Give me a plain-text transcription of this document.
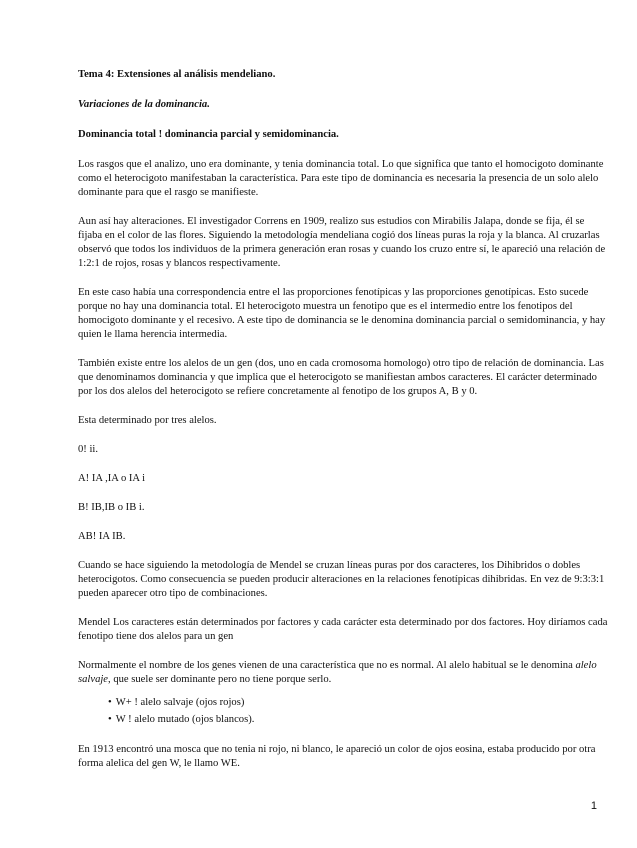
Tema 4: Extensiones al análisis mendeliano.
Variaciones de la dominancia.
Dominancia total ! dominancia parcial y semidominancia.

Los rasgos que el analizo, uno era dominante, y tenia dominancia total. Lo que significa que tanto el homocigoto dominante como el heterocigoto manifestaban la característica. Para este tipo de dominancia es necesaria la presencia de un solo alelo dominante para que el rasgo se manifieste.

Aun así hay alteraciones. El investigador Correns en 1909, realizo sus estudios con Mirabilis Jalapa, donde se fija, él se fijaba en el color de las flores. Siguiendo la metodología mendeliana cogió dos líneas puras la roja y la blanca. Al cruzarlas observó que todos los individuos de la primera generación eran rosas y cuando los cruzo entre sí, le apareció una relación de 1:2:1 de rojos, rosas y blancos respectivamente.

En este caso había una correspondencia entre el las proporciones fenotípicas y las proporciones genotípicas. Esto sucede porque no hay una dominancia total. El heterocigoto muestra un fenotipo que es el intermedio entre los fenotipos del homocigoto dominante y el recesivo. A este tipo de dominancia se le denomina dominancia parcial o semidominancia, y hay quien le llama herencia intermedia.

También existe entre los alelos de un gen (dos, uno en cada cromosoma homologo) otro tipo de relación de dominancia. Las que denominamos dominancia y que implica que el heterocigoto se manifiestan ambos caracteres. El carácter determinado por los dos alelos del heterocigoto se refiere concretamente al fenotipo de los grupos A, B y 0.

Esta determinado por tres alelos.

0! ii.

A! IA ,IA o IA i

B! IB,IB o IB i.

AB! IA IB.

Cuando se hace siguiendo la metodología de Mendel se cruzan líneas puras por dos caracteres, los Dihibridos o dobles heterocigotos. Como consecuencia se pueden producir alteraciones en la relaciones fenotípicas dihibridas. En vez de 9:3:3:1 pueden aparecer otro tipo de combinaciones.

Mendel Los caracteres están determinados por factores y cada carácter esta determinado por dos factores. Hoy diríamos cada fenotipo tiene dos alelos para un gen

Normalmente el nombre de los genes vienen de una característica que no es normal. Al alelo habitual se le denomina alelo salvaje, que suele ser dominante pero no tiene porque serlo.

• W+ ! alelo salvaje (ojos rojos)
• W ! alelo mutado (ojos blancos).

En 1913 encontró una mosca que no tenia ni rojo, ni blanco, le apareció un color de ojos eosina, estaba producido por otra forma alelica del gen W, le llamo WE.

1
